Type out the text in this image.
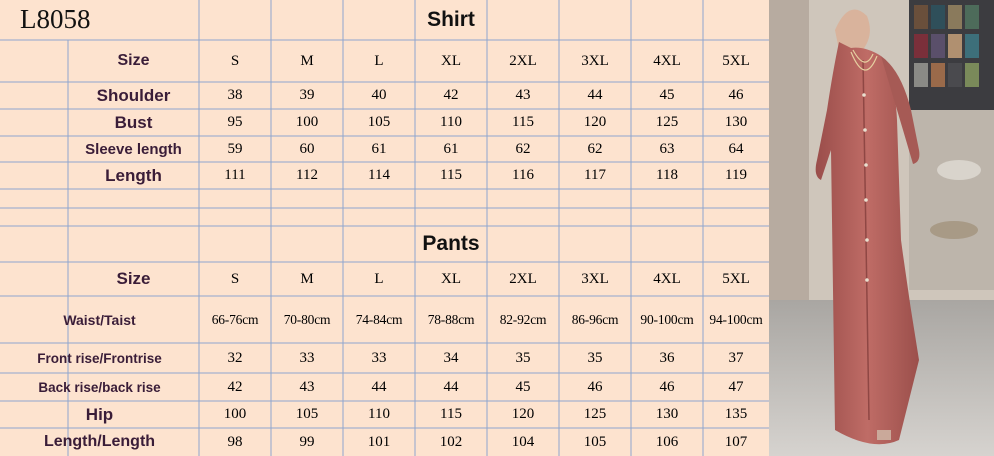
L8058	Shirt
Pants
Size	S	M	L	XL	2XL	3XL	4XL	5XL
Shoulder	38	39	40	42	43	44	45	46
Bust	95	100	105	110	115	120	125	130
Sleeve length	59	60	61	61	62	62	63	64
Length	111	112	114	115	116	117	118	119
Size	S	M	L	XL	2XL	3XL	4XL	5XL
Waist/Taist	66-76cm	70-80cm	74-84cm	78-88cm	82-92cm	86-96cm	90-100cm	94-100cm
Front rise/Frontrise	32	33	33	34	35	35	36	37
Back rise/back rise	42	43	44	44	45	46	46	47
Hip	100	105	110	115	120	125	130	135
Length/Length	98	99	101	102	104	105	106	107
